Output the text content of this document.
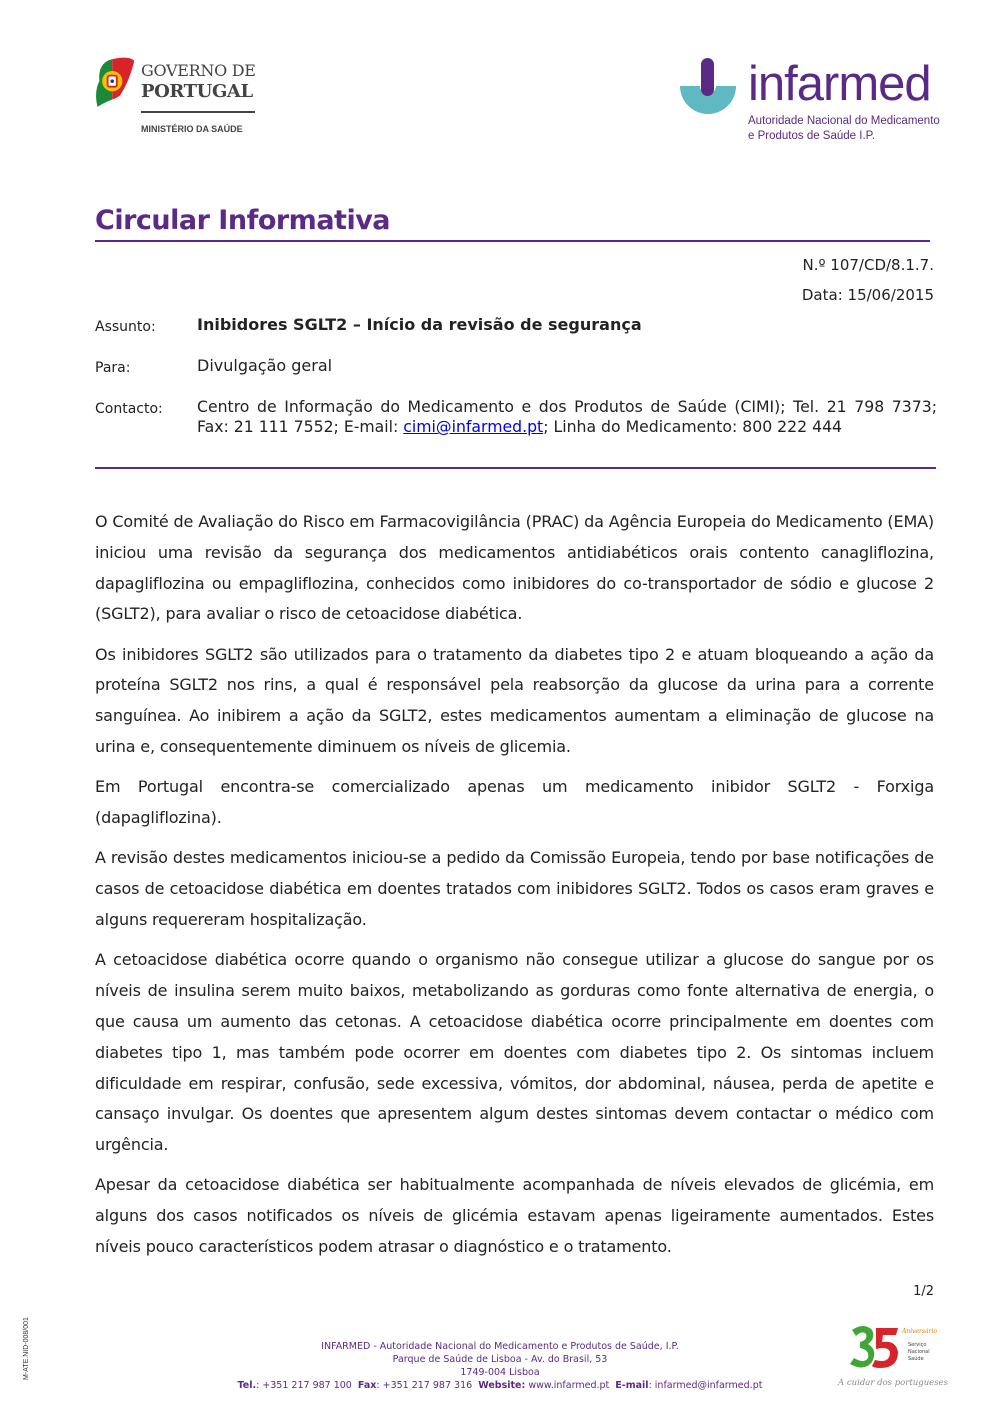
GOVERNO DE
PORTUGAL
MINISTÉRIO DA SAÚDE
infarmed
Autoridade Nacional do Medicamento
e Produtos de Saúde I.P.
Circular Informativa
N.º 107/CD/8.1.7.
Data: 15/06/2015
Assunto:	Inibidores SGLT2 – Início da revisão de segurança
Para:	Divulgação geral
Contacto: Centro de Informação do Medicamento e dos Produtos de Saúde (CIMI); Tel. 21 798 7373; Fax: 21 111 7552; E-mail: cimi@infarmed.pt; Linha do Medicamento: 800 222 444

O Comité de Avaliação do Risco em Farmacovigilância (PRAC) da Agência Europeia do Medicamento (EMA) iniciou uma revisão da segurança dos medicamentos antidiabéticos orais contento canagliflozina, dapagliflozina ou empagliflozina, conhecidos como inibidores do co-transportador de sódio e glucose 2 (SGLT2), para avaliar o risco de cetoacidose diabética.

Os inibidores SGLT2 são utilizados para o tratamento da diabetes tipo 2 e atuam bloqueando a ação da proteína SGLT2 nos rins, a qual é responsável pela reabsorção da glucose da urina para a corrente sanguínea. Ao inibirem a ação da SGLT2, estes medicamentos aumentam a eliminação de glucose na urina e, consequentemente diminuem os níveis de glicemia.

Em Portugal encontra-se comercializado apenas um medicamento inibidor SGLT2 - Forxiga (dapagliflozina).

A revisão destes medicamentos iniciou-se a pedido da Comissão Europeia, tendo por base notificações de casos de cetoacidose diabética em doentes tratados com inibidores SGLT2. Todos os casos eram graves e alguns requereram hospitalização.

A cetoacidose diabética ocorre quando o organismo não consegue utilizar a glucose do sangue por os níveis de insulina serem muito baixos, metabolizando as gorduras como fonte alternativa de energia, o que causa um aumento das cetonas. A cetoacidose diabética ocorre principalmente em doentes com diabetes tipo 1, mas também pode ocorrer em doentes com diabetes tipo 2. Os sintomas incluem dificuldade em respirar, confusão, sede excessiva, vómitos, dor abdominal, náusea, perda de apetite e cansaço invulgar. Os doentes que apresentem algum destes sintomas devem contactar o médico com urgência.

Apesar da cetoacidose diabética ser habitualmente acompanhada de níveis elevados de glicémia, em alguns dos casos notificados os níveis de glicémia estavam apenas ligeiramente aumentados. Estes níveis pouco característicos podem atrasar o diagnóstico e o tratamento.

1/2
M-ATE.NID-008/001	INFARMED - Autoridade Nacional do Medicamento e Produtos de Saúde, I.P.
Parque de Saúde de Lisboa - Av. do Brasil, 53
1749-004 Lisboa
Tel.: +351 217 987 100 Fax: +351 217 987 316 Website: www.infarmed.pt E-mail: infarmed@infarmed.pt
Aniversário
Serviço
Nacional
Saúde
A cuidar dos portugueses
